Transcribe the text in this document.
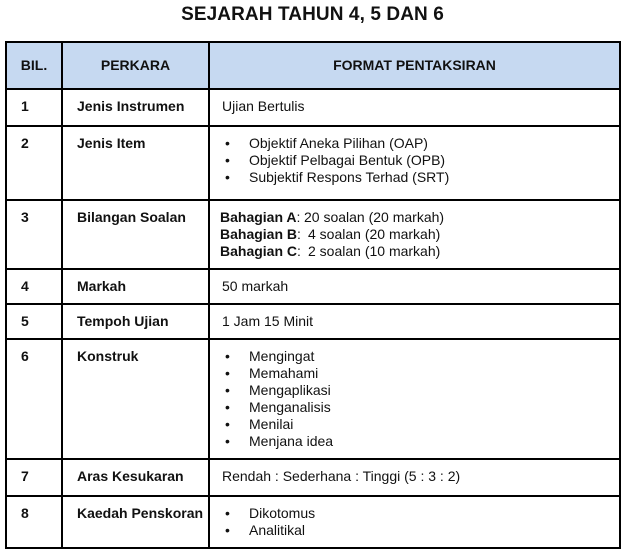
SEJARAH TAHUN 4, 5 DAN 6
BIL.	PERKARA	FORMAT PENTAKSIRAN
1	Jenis Instrumen	Ujian Bertulis
2	Jenis Item	• Objektif Aneka Pilihan (OAP)
• Objektif Pelbagai Bentuk (OPB)
• Subjektif Respons Terhad (SRT)

3	Bilangan Soalan	Bahagian A: 20 soalan (20 markah)
Bahagian B: 4 soalan (20 markah)
Bahagian C: 2 soalan (10 markah)

4	Markah	50 markah
5	Tempoh Ujian	1 Jam 15 Minit
6	Konstruk	• Mengingat
• Memahami
• Mengaplikasi
• Menganalisis
• Menilai
• Menjana idea

7	Aras Kesukaran	Rendah : Sederhana : Tinggi (5 : 3 : 2)
8	Kaedah Penskoran	• Dikotomus
• Analitikal
